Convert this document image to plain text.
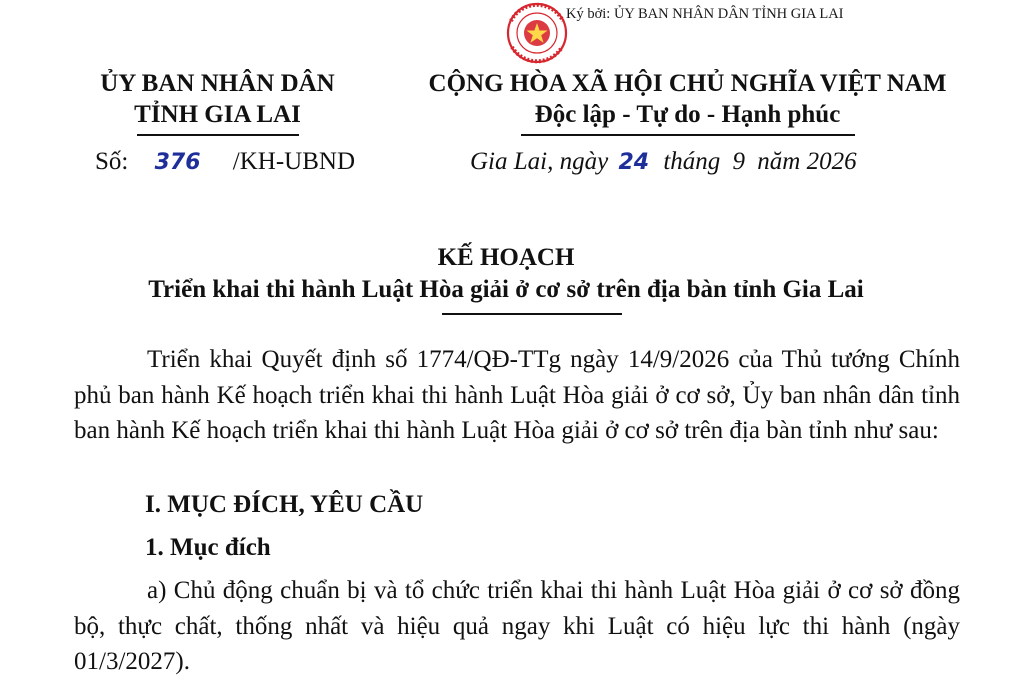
Ký bởi: ỦY BAN NHÂN DÂN TỈNH GIA LAI
ỦY BAN NHÂN DÂN
TỈNH GIA LAI
CỘNG HÒA XÃ HỘI CHỦ NGHĨA VIỆT NAM
Độc lập - Tự do - Hạnh phúc
Số: 376 /KH-UBND	Gia Lai, ngày 24 tháng 9 năm 2026
KẾ HOẠCH
Triển khai thi hành Luật Hòa giải ở cơ sở trên địa bàn tỉnh Gia Lai
Triển khai Quyết định số 1774/QĐ-TTg ngày 14/9/2026 của Thủ tướng Chính phủ ban hành Kế hoạch triển khai thi hành Luật Hòa giải ở cơ sở, Ủy ban nhân dân tỉnh ban hành Kế hoạch triển khai thi hành Luật Hòa giải ở cơ sở trên địa bàn tỉnh như sau:
I. MỤC ĐÍCH, YÊU CẦU
1. Mục đích
a) Chủ động chuẩn bị và tổ chức triển khai thi hành Luật Hòa giải ở cơ sở đồng bộ, thực chất, thống nhất và hiệu quả ngay khi Luật có hiệu lực thi hành (ngày 01/3/2027).
